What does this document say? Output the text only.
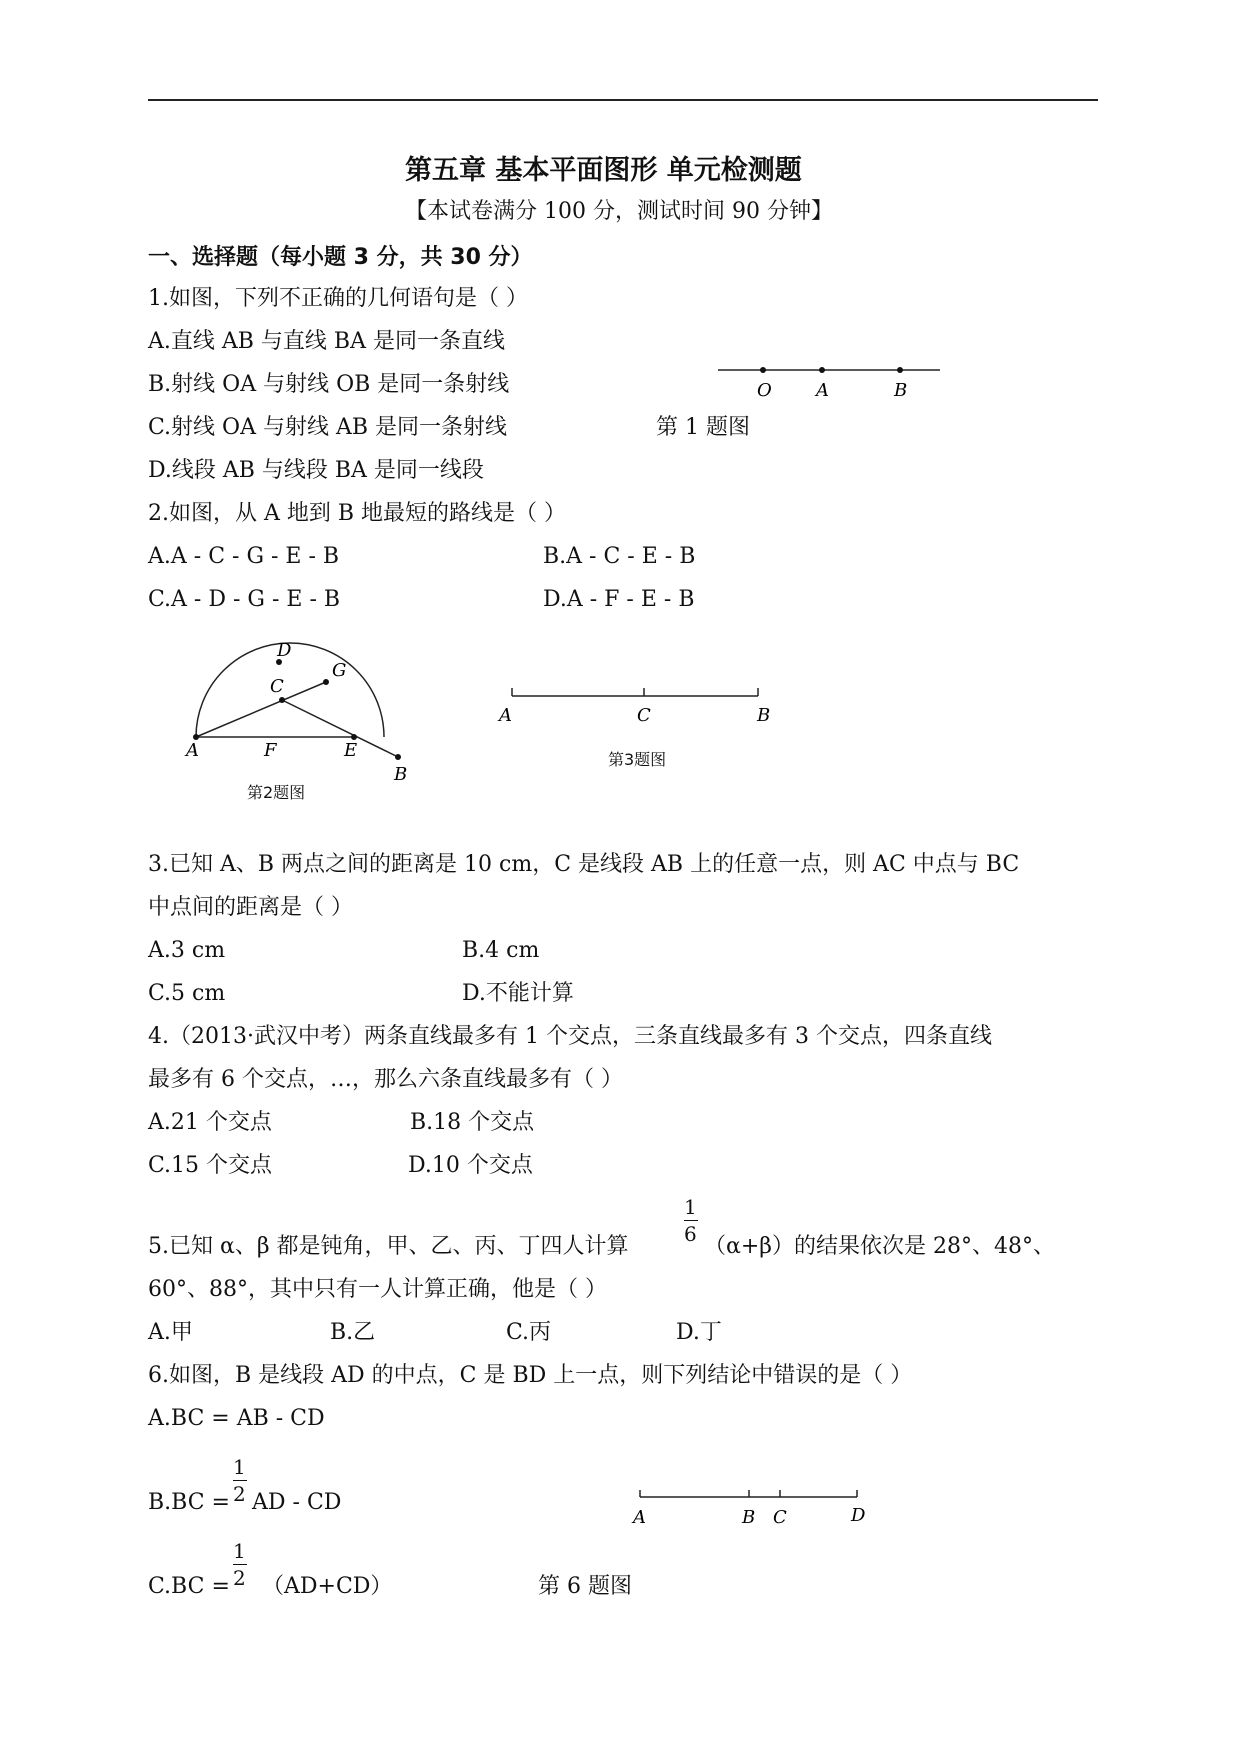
第五章 基本平面图形 单元检测题
【本试卷满分 100 分，测试时间 90 分钟】
一、选择题（每小题 3 分，共 30 分）
1.如图，下列不正确的几何语句是（ ）
A.直线 AB 与直线 BA 是同一条直线
B.射线 OA 与射线 OB 是同一条射线
C.射线 OA 与射线 AB 是同一条射线
D.线段 AB 与线段 BA 是同一线段
第 1 题图
O A	B
2.如图，从 A 地到 B 地最短的路线是（ ）
A.A - C - G - E - B	B.A - C - E - B
C.A - D - G - E - B	D.A - F - E - B
D
G
C
A	F	E
B
第2题图
A	C	B
第3题图
3.已知 A、B 两点之间的距离是 10 cm，C 是线段 AB 上的任意一点，则 AC 中点与 BC
中点间的距离是（ ）
A.3 cm	B.4 cm
C.5 cm	D.不能计算
4.（2013·武汉中考）两条直线最多有 1 个交点，三条直线最多有 3 个交点，四条直线
最多有 6 个交点，…，那么六条直线最多有（ ）
A.21 个交点	B.18 个交点
C.15 个交点	D.10 个交点
5.已知 α、β 都是钝角，甲、乙、丙、丁四人计算
1
6 （α+β）的结果依次是 28°、48°、
60°、88°，其中只有一人计算正确，他是（ ）
A.甲	B.乙	C.丙	D.丁
6.如图，B 是线段 AD 的中点，C 是 BD 上一点，则下列结论中错误的是（ ）
A.BC = AB - CD
B.BC =
1
2 AD - CD
C.BC =
1
2 （AD+CD）	第 6 题图
A	B C	D
